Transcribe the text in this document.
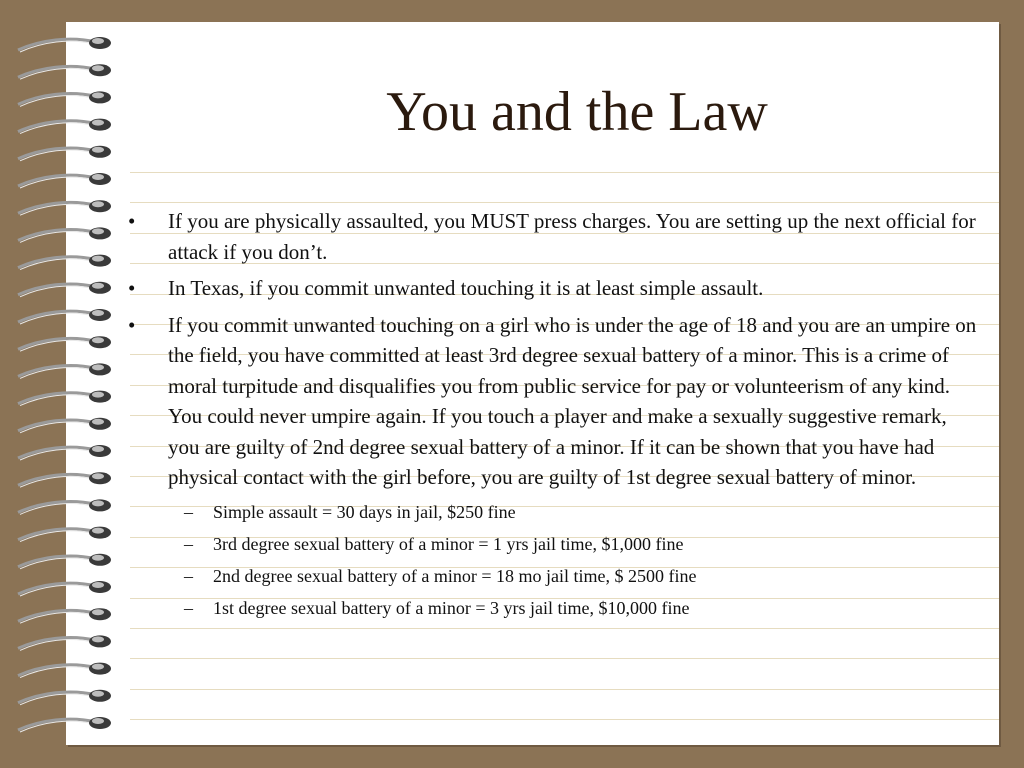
You and the Law
• If you are physically assaulted, you MUST press charges. You are setting up the next official for attack if you don’t.
• In Texas, if you commit unwanted touching it is at least simple assault.
• If you commit unwanted touching on a girl who is under the age of 18 and you are an umpire on the field, you have committed at least 3rd degree sexual battery of a minor. This is a crime of moral turpitude and disqualifies you from public service for pay or volunteerism of any kind. You could never umpire again. If you touch a player and make a sexually suggestive remark, you are guilty of 2nd degree sexual battery of a minor. If it can be shown that you have had physical contact with the girl before, you are guilty of 1st degree sexual battery of minor.
– Simple assault = 30 days in jail, $250 fine
– 3rd degree sexual battery of a minor = 1 yrs jail time, $1,000 fine
– 2nd degree sexual battery of a minor = 18 mo jail time, $ 2500 fine
– 1st degree sexual battery of a minor = 3 yrs jail time, $10,000 fine
